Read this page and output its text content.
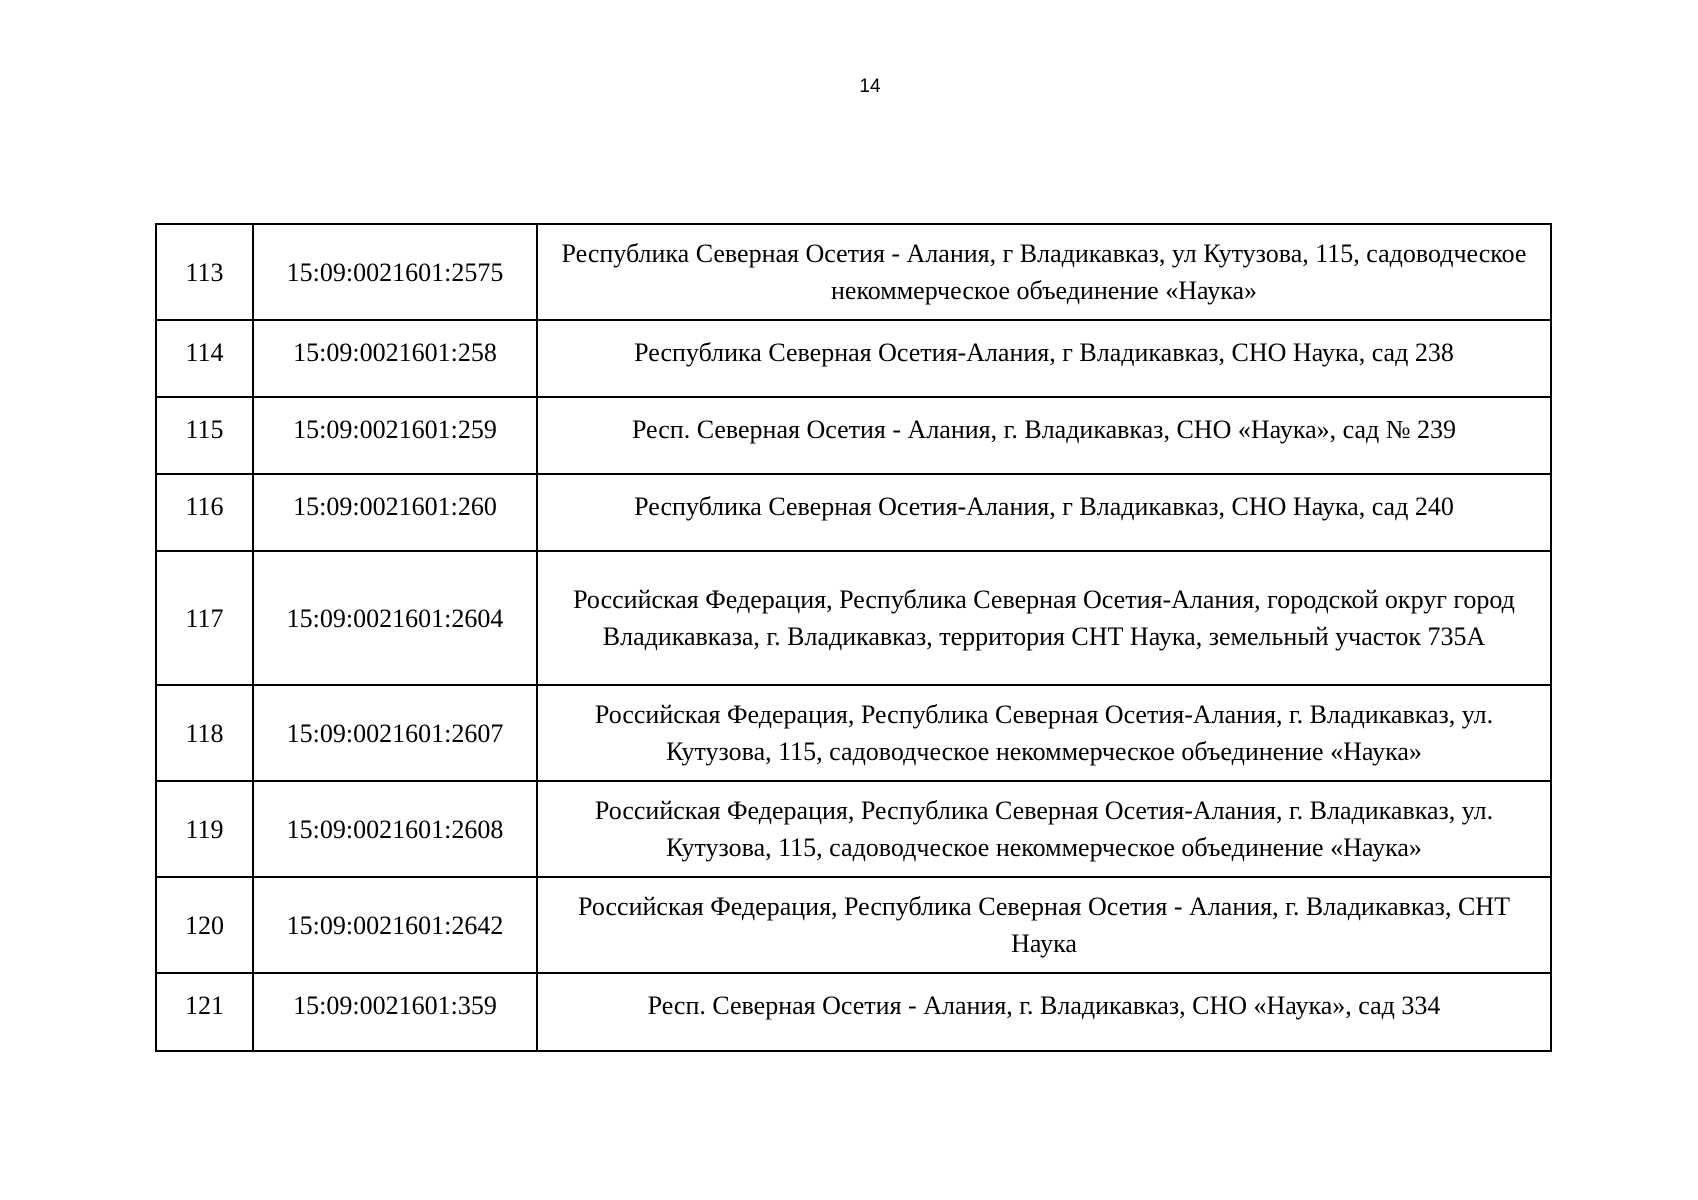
14
113	15:09:0021601:2575	Республика Северная Осетия - Алания, г Владикавказ, ул Кутузова, 115, садоводческое некоммерческое объединение «Наука»
114	15:09:0021601:258	Республика Северная Осетия-Алания, г Владикавказ, СНО Наука, сад 238
115	15:09:0021601:259	Респ. Северная Осетия - Алания, г. Владикавказ, СНО «Наука», сад № 239
116	15:09:0021601:260	Республика Северная Осетия-Алания, г Владикавказ, СНО Наука, сад 240
117	15:09:0021601:2604	Российская Федерация, Республика Северная Осетия-Алания, городской округ город Владикавказа, г. Владикавказ, территория СНТ Наука, земельный участок 735А
118	15:09:0021601:2607	Российская Федерация, Республика Северная Осетия-Алания, г. Владикавказ, ул. Кутузова, 115, садоводческое некоммерческое объединение «Наука»
119	15:09:0021601:2608	Российская Федерация, Республика Северная Осетия-Алания, г. Владикавказ, ул. Кутузова, 115, садоводческое некоммерческое объединение «Наука»
120	15:09:0021601:2642	Российская Федерация, Республика Северная Осетия - Алания, г. Владикавказ, СНТ Наука
121	15:09:0021601:359	Респ. Северная Осетия - Алания, г. Владикавказ, СНО «Наука», сад 334
